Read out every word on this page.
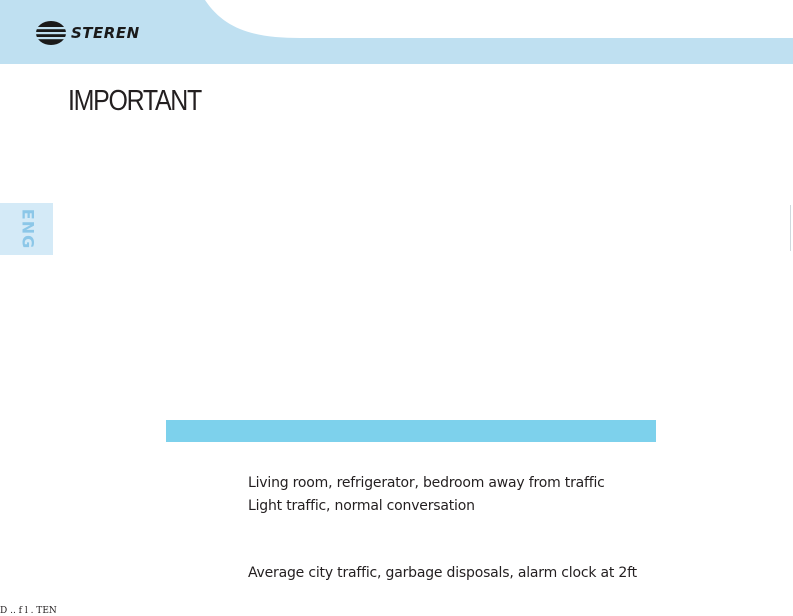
STEREN
IMPORTANT
ENG
Living room, refrigerator, bedroom away from traffic
Light traffic, normal conversation
Average city traffic, garbage disposals, alarm clock at 2ft
D .. f l . TEN
